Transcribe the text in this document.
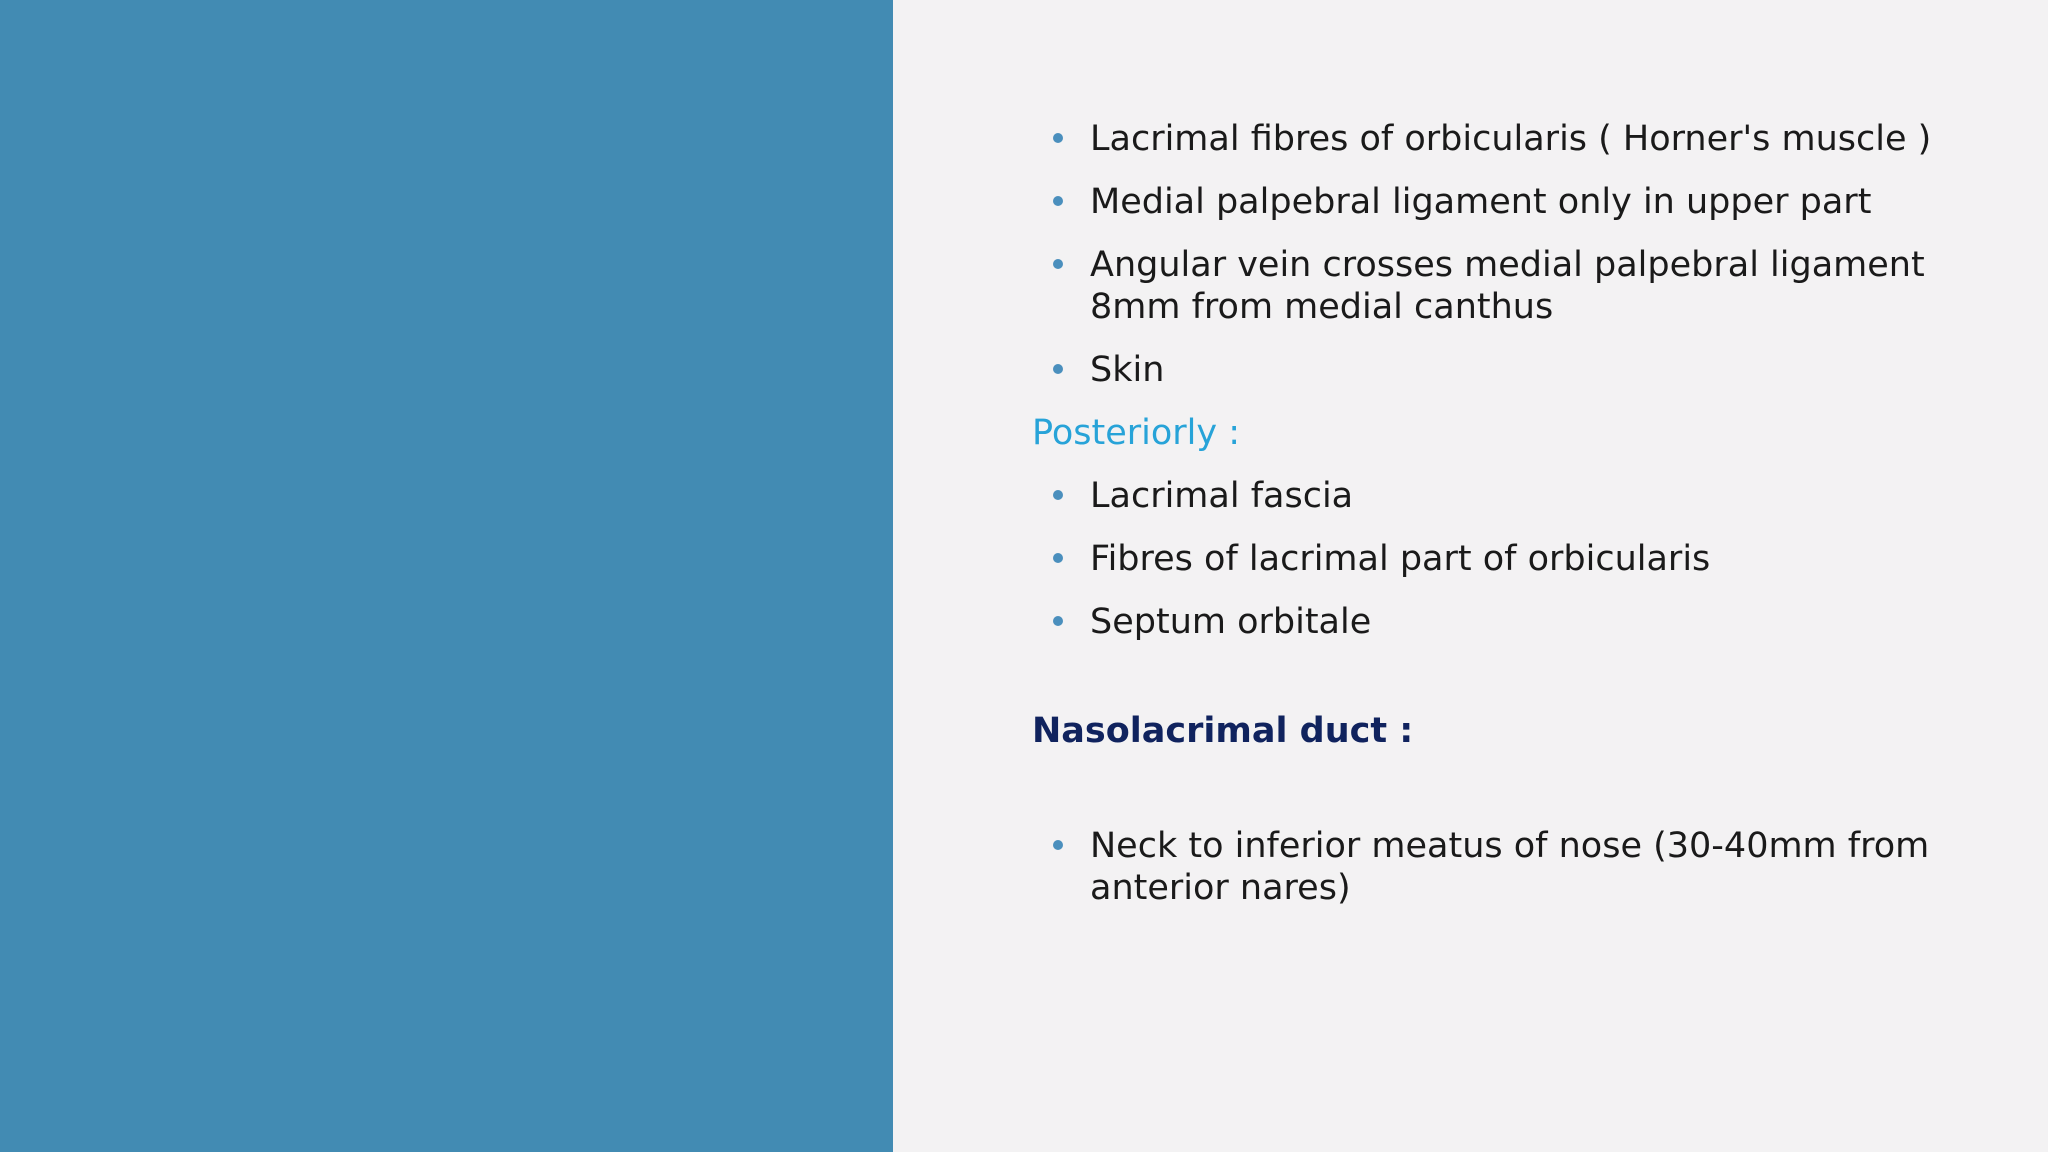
Lacrimal fibres of orbicularis ( Horner's muscle )
Medial palpebral ligament only in upper part
Angular vein crosses medial palpebral ligament 8mm from medial canthus
Skin
Posteriorly :
Lacrimal fascia
Fibres of lacrimal part of orbicularis
Septum orbitale
Nasolacrimal duct :
Neck to inferior meatus of nose (30-40mm from anterior nares)
